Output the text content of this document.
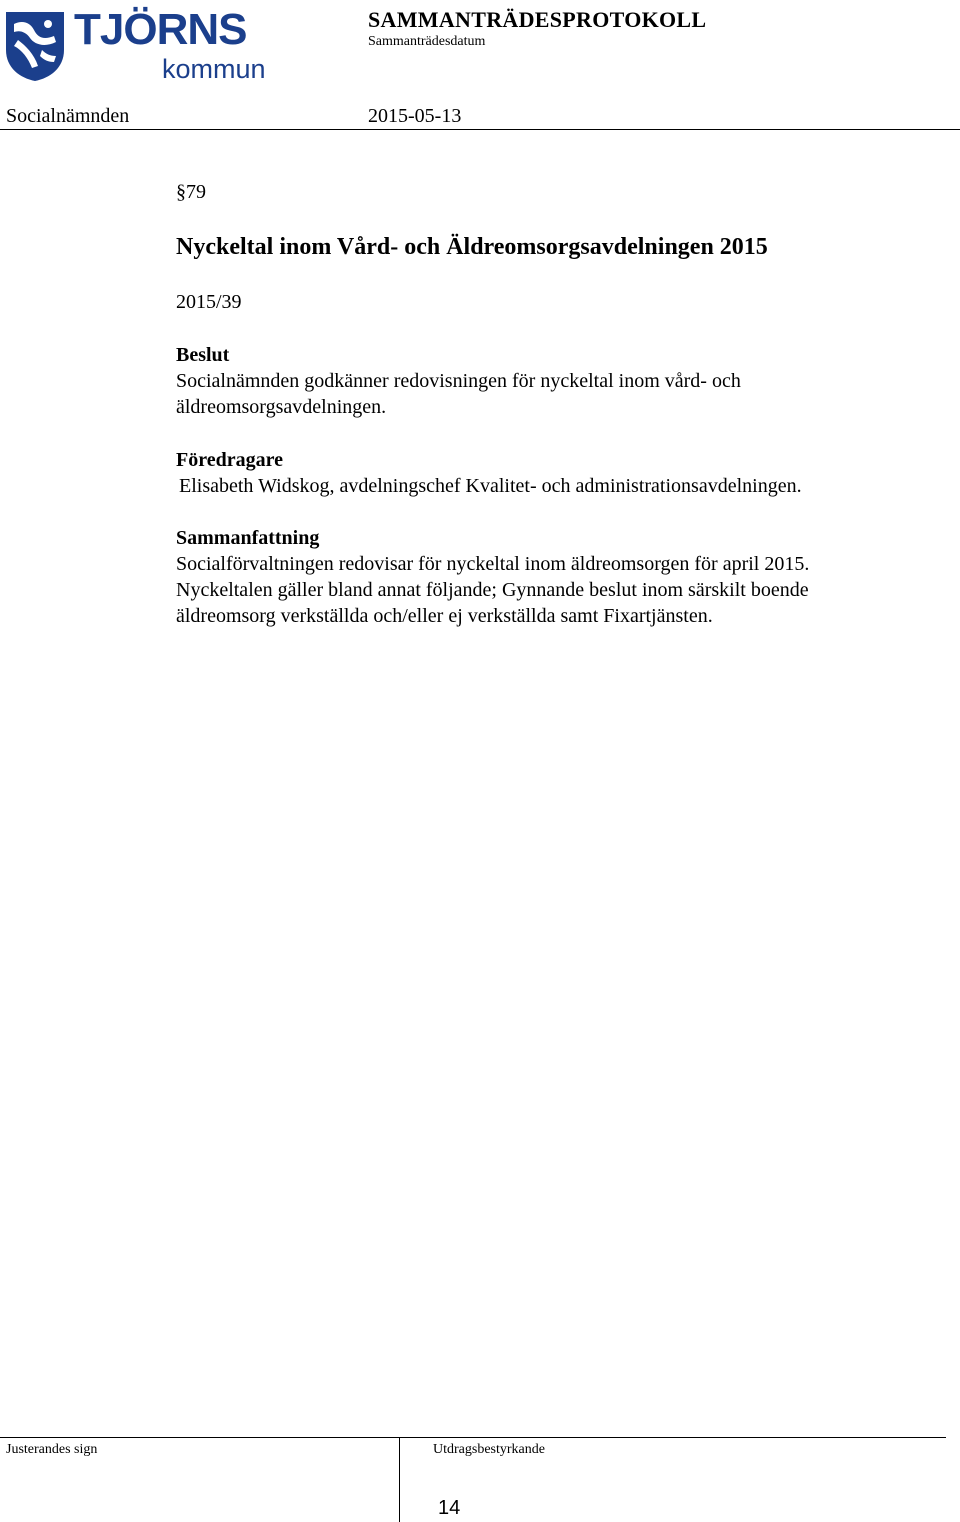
TJÖRNS
kommun
SAMMANTRÄDESPROTOKOLL
Sammanträdesdatum
Socialnämnden	2015-05-13
§79
Nyckeltal inom Vård- och Äldreomsorgsavdelningen 2015
2015/39
Beslut
Socialnämnden godkänner redovisningen för nyckeltal inom vård- och
äldreomsorgsavdelningen.
Föredragare
Elisabeth Widskog, avdelningschef Kvalitet- och administrationsavdelningen.
Sammanfattning
Socialförvaltningen redovisar för nyckeltal inom äldreomsorgen för april 2015.
Nyckeltalen gäller bland annat följande; Gynnande beslut inom särskilt boende
äldreomsorg verkställda och/eller ej verkställda samt Fixartjänsten.
Justerandes sign	Utdragsbestyrkande
14
